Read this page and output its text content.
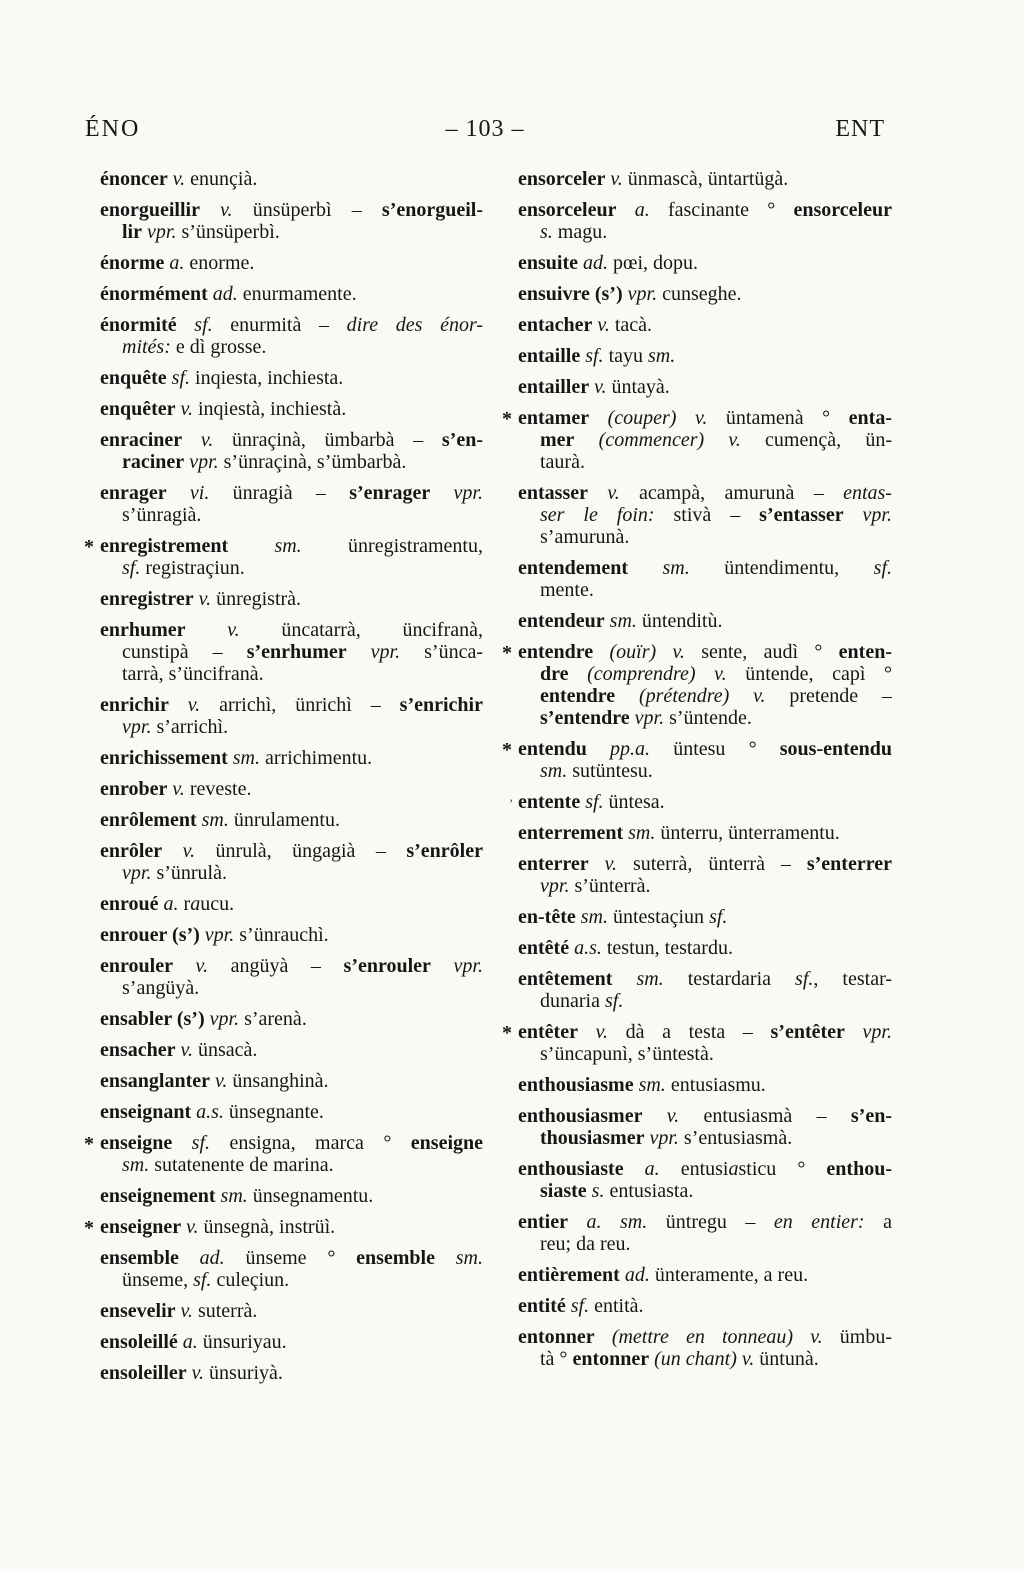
ÉNO	– 103 –	ENT
énoncer v. enunçià.
enorgueillir v. ünsüperbì – s’enorgueil-
lir vpr. s’ünsüperbì.
énorme a. enorme.
énormément ad. enurmamente.
énormité sf. enurmità – dire des énor-
mités: e dì grosse.
enquête sf. inqiesta, inchiesta.
enquêter v. inqiestà, inchiestà.
enraciner v. ünraçinà, ümbarbà – s’en-
raciner vpr. s’ünraçinà, s’ümbarbà.
enrager vi. ünragià – s’enrager vpr.
s’ünragià.
* enregistrement sm. ünregistramentu,
sf. registraçiun.
enregistrer v. ünregistrà.
enrhumer v. üncatarrà, üncifranà,
cunstipà – s’enrhumer vpr. s’ünca-
tarrà, s’üncifranà.
enrichir v. arrichì, ünrichì – s’enrichir
vpr. s’arrichì.
enrichissement sm. arrichimentu.
enrober v. reveste.
enrôlement sm. ünrulamentu.
enrôler v. ünrulà, üngagià – s’enrôler
vpr. s’ünrulà.
enroué a. raucu.
enrouer (s’) vpr. s’ünrauchì.
enrouler v. angüyà – s’enrouler vpr.
s’angüyà.
ensabler (s’) vpr. s’arenà.
ensacher v. ünsacà.
ensanglanter v. ünsanghinà.
enseignant a.s. ünsegnante.
* enseigne sf. ensigna, marca ° enseigne
sm. sutatenente de marina.
enseignement sm. ünsegnamentu.
* enseigner v. ünsegnà, instrüì.
ensemble ad. ünseme ° ensemble sm.
ünseme, sf. culeçiun.
ensevelir v. suterrà.
ensoleillé a. ünsuriyau.
ensoleiller v. ünsuriyà.
ensorceler v. ünmascà, üntartügà.
ensorceleur a. fascinante ° ensorceleur
s. magu.
ensuite ad. pœi, dopu.
ensuivre (s’) vpr. cunseghe.
entacher v. tacà.
entaille sf. tayu sm.
entailler v. üntayà.
* entamer (couper) v. üntamenà ° enta-
mer (commencer) v. cumençà, ün-
taurà.
entasser v. acampà, amurunà – entas-
ser le foin: stivà – s’entasser vpr.
s’amurunà.
entendement sm. üntendimentu, sf.
mente.
entendeur sm. üntenditù.
* entendre (ouïr) v. sente, audì ° enten-
dre (comprendre) v. üntende, capì °
entendre (prétendre) v. pretende –
s’entendre vpr. s’üntende.
* entendu pp.a. üntesu ° sous-entendu
sm. sutüntesu.
’ entente sf. üntesa.
enterrement sm. ünterru, ünterramentu.
enterrer v. suterrà, ünterrà – s’enterrer
vpr. s’ünterrà.
en-tête sm. üntestaçiun sf.
entêté a.s. testun, testardu.
entêtement sm. testardaria sf., testar-
dunaria sf.
* entêter v. dà a testa – s’entêter vpr.
s’üncapunì, s’üntestà.
enthousiasme sm. entusiasmu.
enthousiasmer v. entusiasmà – s’en-
thousiasmer vpr. s’entusiasmà.
enthousiaste a. entusiasticu ° enthou-
siaste s. entusiasta.
entier a. sm. üntregu – en entier: a
reu; da reu.
entièrement ad. ünteramente, a reu.
entité sf. entità.
entonner (mettre en tonneau) v. ümbu-
tà ° entonner (un chant) v. üntunà.
